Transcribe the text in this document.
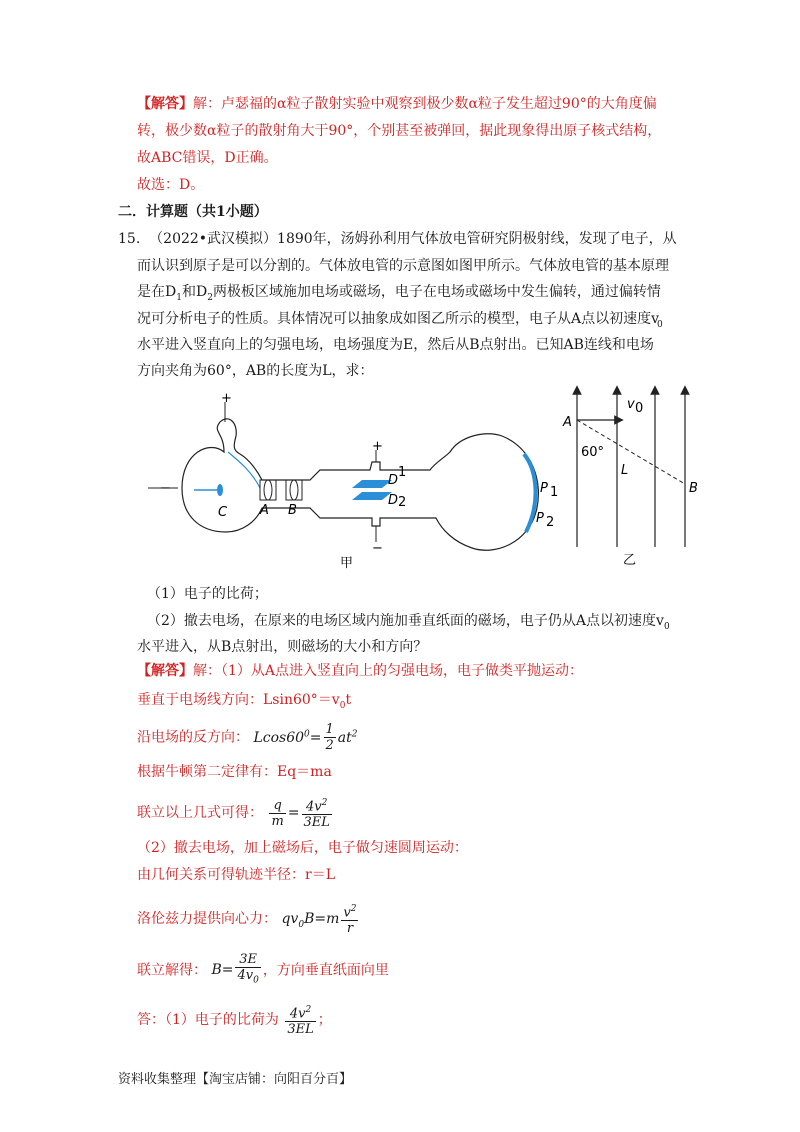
【解答】解：卢瑟福的α粒子散射实验中观察到极少数α粒子发生超过90°的大角度偏
转，极少数α粒子的散射角大于90°，个别甚至被弹回，据此现象得出原子核式结构，
故ABC错误，D正确。
故选：D。
二．计算题（共1小题）
15. （2022•武汉模拟）1890年，汤姆孙利用气体放电管研究阴极射线，发现了电子，从
而认识到原子是可以分割的。气体放电管的示意图如图甲所示。气体放电管的基本原理
是在$D_1$和$D_2$两极板区域施加电场或磁场，电子在电场或磁场中发生偏转，通过偏转情
况可分析电子的性质。具体情况可以抽象成如图乙所示的模型，电子从A点以初速度v
0
水平进入竖直向上的匀强电场，电场强度为E，然后从B点射出。已知AB连线和电场
方向夹角为60°，AB的长度为L，求：
+
−
C	A B
+
−
D
1
D 2
P 1
P 2
甲
A
B
v 0
60°
L
乙
（1）电子的比荷；
（2）撤去电场，在原来的电场区域内施加垂直纸面的磁场，电子仍从A点以初速度$v_0$
水平进入，从B点射出，则磁场的大小和方向？
【解答】解：（1）从A点进入竖直向上的匀强电场，电子做类平抛运动：
垂直于电场线方向：$Lsin60^\circ=v_0t$
沿电场的反方向： $Lcos60^0= \frac{1}{2} at^2$
根据牛顿第二定律有：Eq＝ma
联立以上几式可得： $\frac{q}{m} = \frac{4v^2}{3EL}$
（2）撤去电场，加上磁场后，电子做匀速圆周运动：
由几何关系可得轨迹半径：r＝L
洛伦兹力提供向心力： $qv_0B=m \frac{v^2}{r}$
联立解得： $B= \frac{3E}{4v_0}$ ，方向垂直纸面向里
答：（1）电子的比荷为 $\frac{4v^2}{3EL}$ ；
资料收集整理【淘宝店铺：向阳百分百】
